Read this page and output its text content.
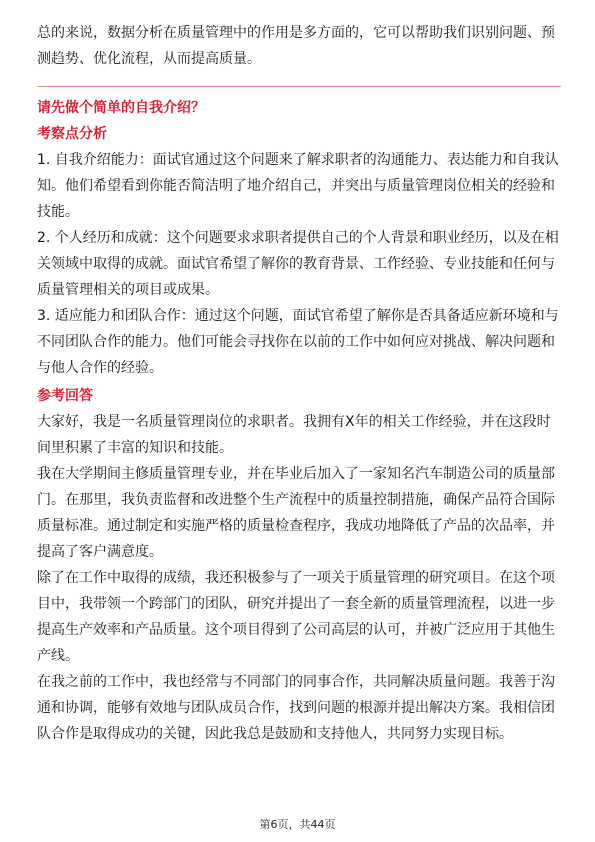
总的来说，数据分析在质量管理中的作用是多方面的，它可以帮助我们识别问题、预测趋势、优化流程，从而提高质量。

请先做个简单的自我介绍？

考察点分析

1. 自我介绍能力：面试官通过这个问题来了解求职者的沟通能力、表达能力和自我认知。他们希望看到你能否简洁明了地介绍自己，并突出与质量管理岗位相关的经验和技能。

2. 个人经历和成就：这个问题要求求职者提供自己的个人背景和职业经历，以及在相关领域中取得的成就。面试官希望了解你的教育背景、工作经验、专业技能和任何与质量管理相关的项目或成果。

3. 适应能力和团队合作：通过这个问题，面试官希望了解你是否具备适应新环境和与不同团队合作的能力。他们可能会寻找你在以前的工作中如何应对挑战、解决问题和与他人合作的经验。

参考回答

大家好，我是一名质量管理岗位的求职者。我拥有X年的相关工作经验，并在这段时间里积累了丰富的知识和技能。

我在大学期间主修质量管理专业，并在毕业后加入了一家知名汽车制造公司的质量部门。在那里，我负责监督和改进整个生产流程中的质量控制措施，确保产品符合国际质量标准。通过制定和实施严格的质量检查程序，我成功地降低了产品的次品率，并提高了客户满意度。

除了在工作中取得的成绩，我还积极参与了一项关于质量管理的研究项目。在这个项目中，我带领一个跨部门的团队，研究并提出了一套全新的质量管理流程，以进一步提高生产效率和产品质量。这个项目得到了公司高层的认可，并被广泛应用于其他生产线。

在我之前的工作中，我也经常与不同部门的同事合作，共同解决质量问题。我善于沟通和协调，能够有效地与团队成员合作，找到问题的根源并提出解决方案。我相信团队合作是取得成功的关键，因此我总是鼓励和支持他人，共同努力实现目标。

第6页，共44页
